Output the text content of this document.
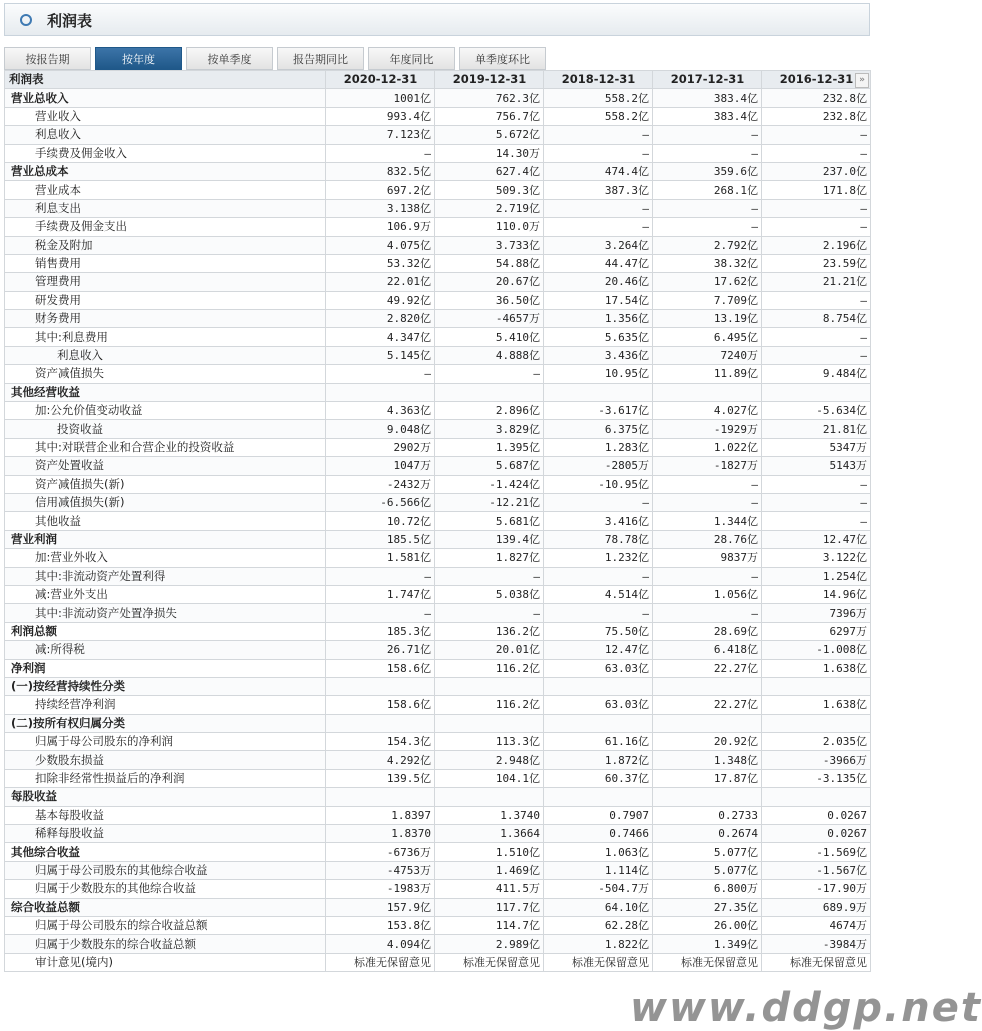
利润表
按报告期	按年度	按单季度	报告期同比	年度同比	单季度环比
利润表	2020-12-31	2019-12-31	2018-12-31	2017-12-31	2016-12-31 »

营业总收入	1001亿	762.3亿	558.2亿	383.4亿	232.8亿
营业收入	993.4亿	756.7亿	558.2亿	383.4亿	232.8亿
利息收入	7.123亿	5.672亿	—	—	—
手续费及佣金收入	—	14.30万	—	—	—
营业总成本	832.5亿	627.4亿	474.4亿	359.6亿	237.0亿
营业成本	697.2亿	509.3亿	387.3亿	268.1亿	171.8亿
利息支出	3.138亿	2.719亿	—	—	—
手续费及佣金支出	106.9万	110.0万	—	—	—
税金及附加	4.075亿	3.733亿	3.264亿	2.792亿	2.196亿
销售费用	53.32亿	54.88亿	44.47亿	38.32亿	23.59亿
管理费用	22.01亿	20.67亿	20.46亿	17.62亿	21.21亿
研发费用	49.92亿	36.50亿	17.54亿	7.709亿	—
财务费用	2.820亿	-4657万	1.356亿	13.19亿	8.754亿
其中:利息费用	4.347亿	5.410亿	5.635亿	6.495亿	—
利息收入	5.145亿	4.888亿	3.436亿	7240万	—
资产减值损失	—	—	10.95亿	11.89亿	9.484亿
其他经营收益					
加:公允价值变动收益	4.363亿	2.896亿	-3.617亿	4.027亿	-5.634亿
投资收益	9.048亿	3.829亿	6.375亿	-1929万	21.81亿
其中:对联营企业和合营企业的投资收益	2902万	1.395亿	1.283亿	1.022亿	5347万
资产处置收益	1047万	5.687亿	-2805万	-1827万	5143万
资产减值损失(新)	-2432万	-1.424亿	-10.95亿	—	—
信用减值损失(新)	-6.566亿	-12.21亿	—	—	—
其他收益	10.72亿	5.681亿	3.416亿	1.344亿	—
营业利润	185.5亿	139.4亿	78.78亿	28.76亿	12.47亿
加:营业外收入	1.581亿	1.827亿	1.232亿	9837万	3.122亿
其中:非流动资产处置利得	—	—	—	—	1.254亿
减:营业外支出	1.747亿	5.038亿	4.514亿	1.056亿	14.96亿
其中:非流动资产处置净损失	—	—	—	—	7396万
利润总额	185.3亿	136.2亿	75.50亿	28.69亿	6297万
减:所得税	26.71亿	20.01亿	12.47亿	6.418亿	-1.008亿
净利润	158.6亿	116.2亿	63.03亿	22.27亿	1.638亿
(一)按经营持续性分类					
持续经营净利润	158.6亿	116.2亿	63.03亿	22.27亿	1.638亿
(二)按所有权归属分类					
归属于母公司股东的净利润	154.3亿	113.3亿	61.16亿	20.92亿	2.035亿
少数股东损益	4.292亿	2.948亿	1.872亿	1.348亿	-3966万
扣除非经常性损益后的净利润	139.5亿	104.1亿	60.37亿	17.87亿	-3.135亿
每股收益					
基本每股收益	1.8397	1.3740	0.7907	0.2733	0.0267
稀释每股收益	1.8370	1.3664	0.7466	0.2674	0.0267
其他综合收益	-6736万	1.510亿	1.063亿	5.077亿	-1.569亿
归属于母公司股东的其他综合收益	-4753万	1.469亿	1.114亿	5.077亿	-1.567亿
归属于少数股东的其他综合收益	-1983万	411.5万	-504.7万	6.800万	-17.90万
综合收益总额	157.9亿	117.7亿	64.10亿	27.35亿	689.9万
归属于母公司股东的综合收益总额	153.8亿	114.7亿	62.28亿	26.00亿	4674万
归属于少数股东的综合收益总额	4.094亿	2.989亿	1.822亿	1.349亿	-3984万
审计意见(境内)	标准无保留意见	标准无保留意见	标准无保留意见	标准无保留意见	标准无保留意见
www.ddgp.net
